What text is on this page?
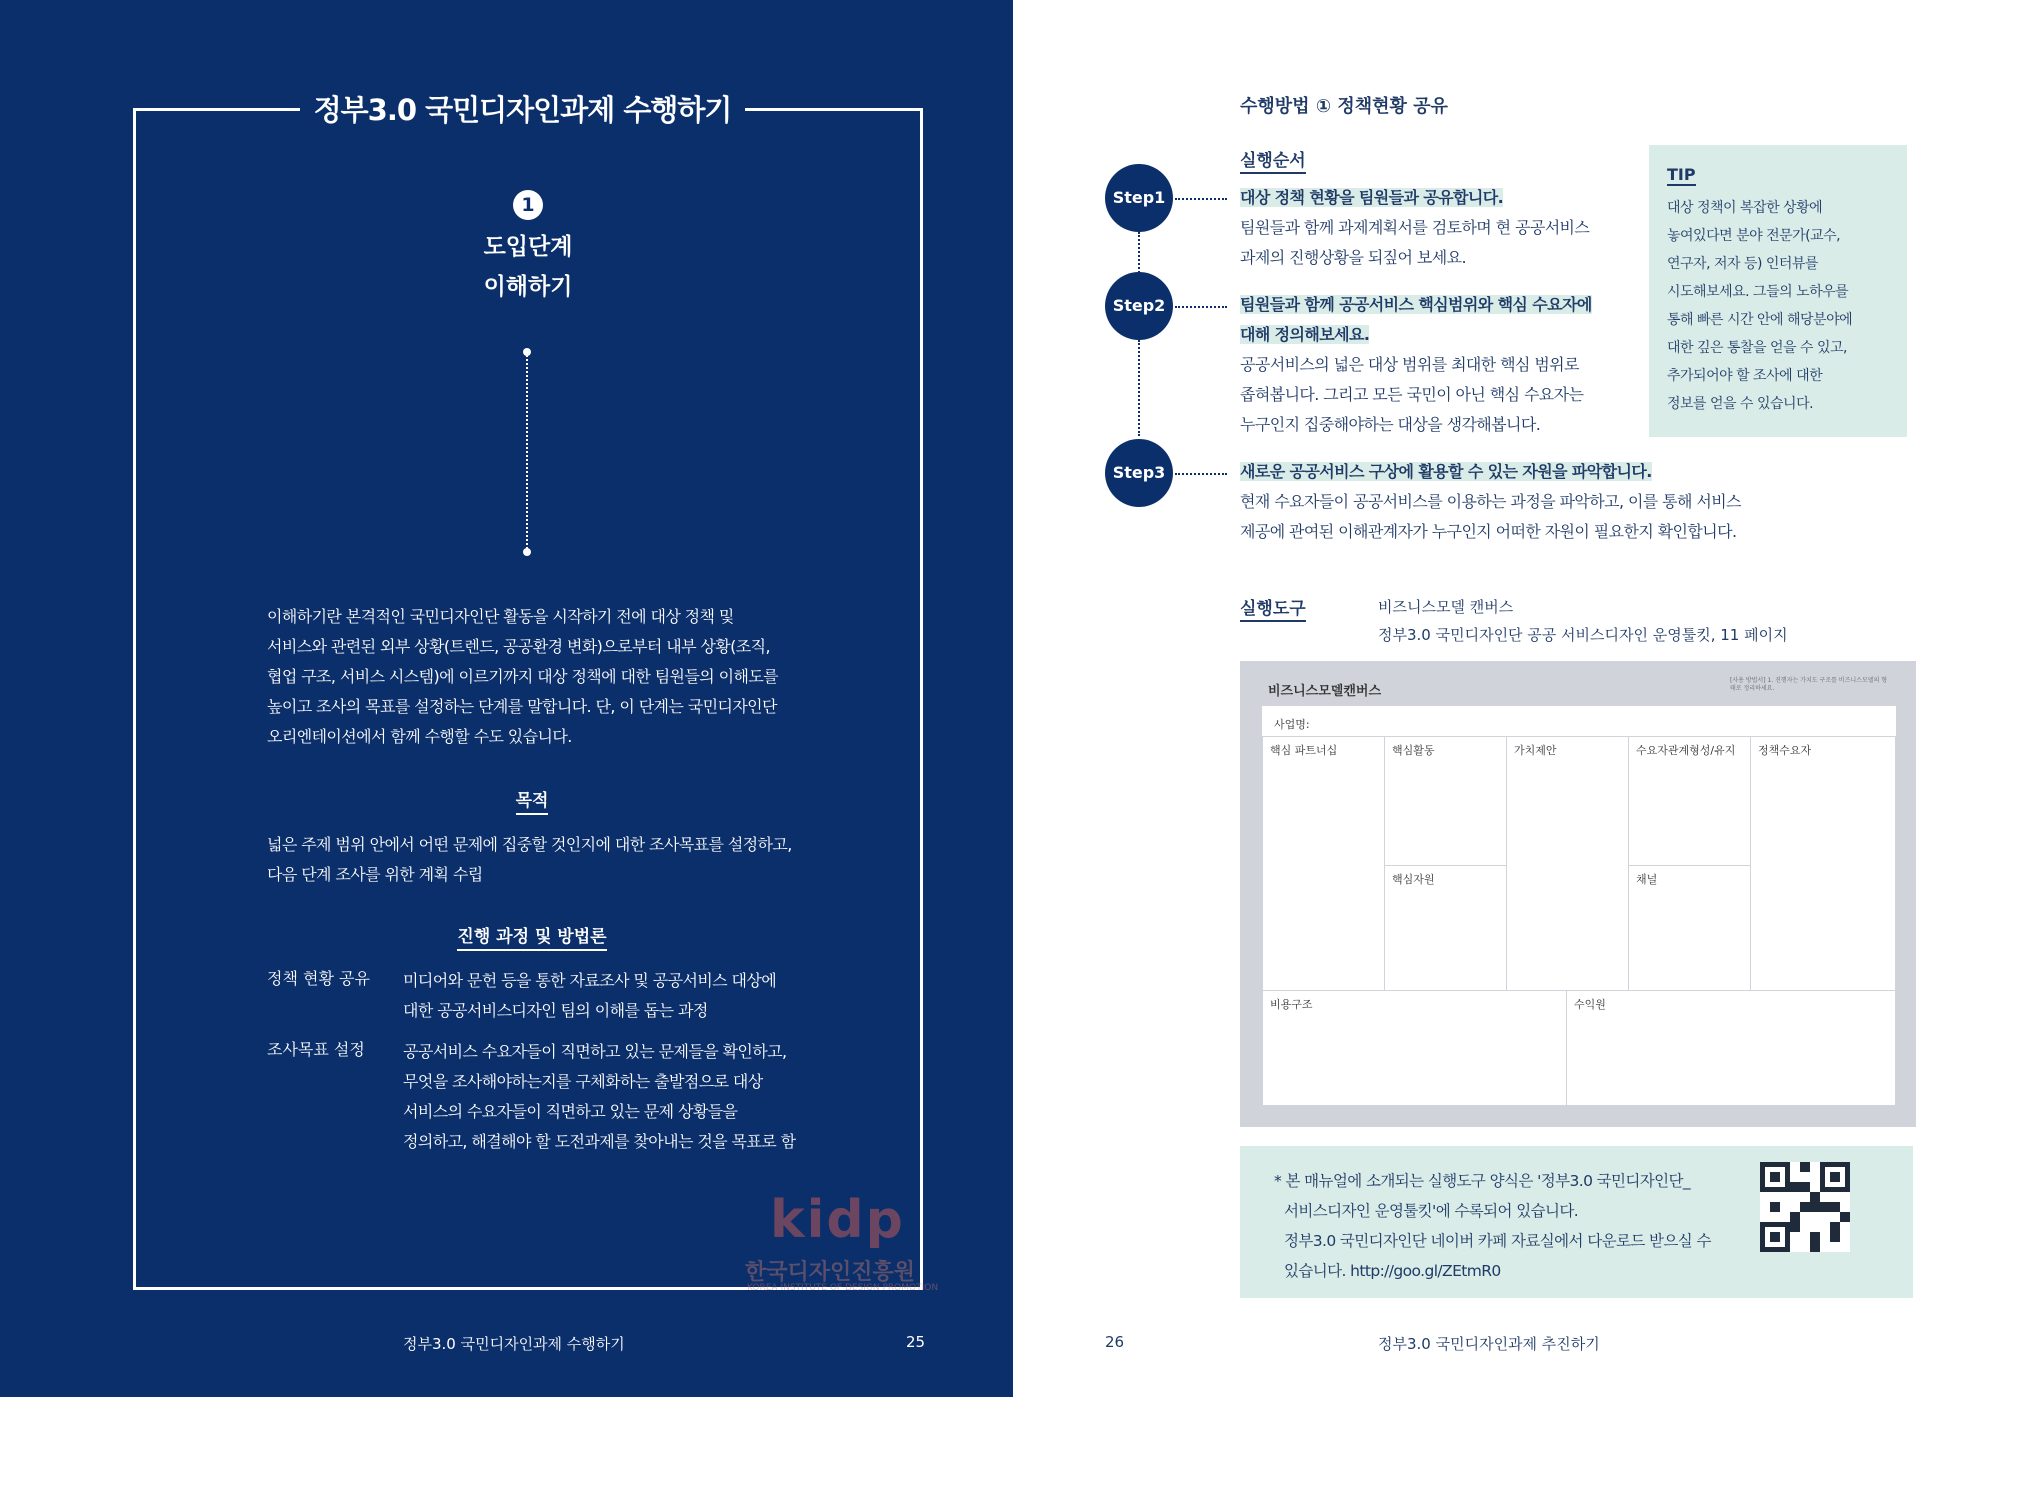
정부3.0 국민디자인과제 수행하기
1
도입단계
이해하기
이해하기란 본격적인 국민디자인단 활동을 시작하기 전에 대상 정책 및
서비스와 관련된 외부 상황(트렌드, 공공환경 변화)으로부터 내부 상황(조직,
협업 구조, 서비스 시스템)에 이르기까지 대상 정책에 대한 팀원들의 이해도를
높이고 조사의 목표를 설정하는 단계를 말합니다. 단, 이 단계는 국민디자인단
오리엔테이션에서 함께 수행할 수도 있습니다.
목적
넓은 주제 범위 안에서 어떤 문제에 집중할 것인지에 대한 조사목표를 설정하고,
다음 단계 조사를 위한 계획 수립
진행 과정 및 방법론
정책 현황 공유 미디어와 문헌 등을 통한 자료조사 및 공공서비스 대상에
대한 공공서비스디자인 팀의 이해를 돕는 과정
조사목표 설정 공공서비스 수요자들이 직면하고 있는 문제들을 확인하고,
무엇을 조사해야하는지를 구체화하는 출발점으로 대상
서비스의 수요자들이 직면하고 있는 문제 상황들을
정의하고, 해결해야 할 도전과제를 찾아내는 것을 목표로 함
kidp
한국디자인진흥원
KOREA INSTITUTE OF DESIGN PROMOTION
정부3.0 국민디자인과제 수행하기	25
수행방법 ① 정책현황 공유
실행순서
Step1
Step2
Step3
대상 정책 현황을 팀원들과 공유합니다.
팀원들과 함께 과제계획서를 검토하며 현 공공서비스
과제의 진행상황을 되짚어 보세요.
팀원들과 함께 공공서비스 핵심범위와 핵심 수요자에
대해 정의해보세요.
공공서비스의 넓은 대상 범위를 최대한 핵심 범위로
좁혀봅니다. 그리고 모든 국민이 아닌 핵심 수요자는
누구인지 집중해야하는 대상을 생각해봅니다.
새로운 공공서비스 구상에 활용할 수 있는 자원을 파악합니다.
현재 수요자들이 공공서비스를 이용하는 과정을 파악하고, 이를 통해 서비스
제공에 관여된 이해관계자가 누구인지 어떠한 자원이 필요한지 확인합니다.
TIP
대상 정책이 복잡한 상황에
놓여있다면 분야 전문가(교수,
연구자, 저자 등) 인터뷰를
시도해보세요. 그들의 노하우를
통해 빠른 시간 안에 해당분야에
대한 깊은 통찰을 얻을 수 있고,
추가되어야 할 조사에 대한
정보를 얻을 수 있습니다.
실행도구	비즈니스모델 캔버스
정부3.0 국민디자인단 공공 서비스디자인 운영툴킷, 11 페이지
비즈니스모델캔버스
[사용 방법서] 1. 진행자는 가치도 구조를 비즈니스모델의 형태로 정리하세요.
사업명:
핵심 파트너십	핵심활동
핵심자원
가치제안	수요자관계형성/유지
채널
정책수요자
비용구조	수익원
* 본 매뉴얼에 소개되는 실행도구 양식은 '정부3.0 국민디자인단_
서비스디자인 운영툴킷'에 수록되어 있습니다.
정부3.0 국민디자인단 네이버 카페 자료실에서 다운로드 받으실 수
있습니다. http://goo.gl/ZEtmR0
26	정부3.0 국민디자인과제 추진하기
